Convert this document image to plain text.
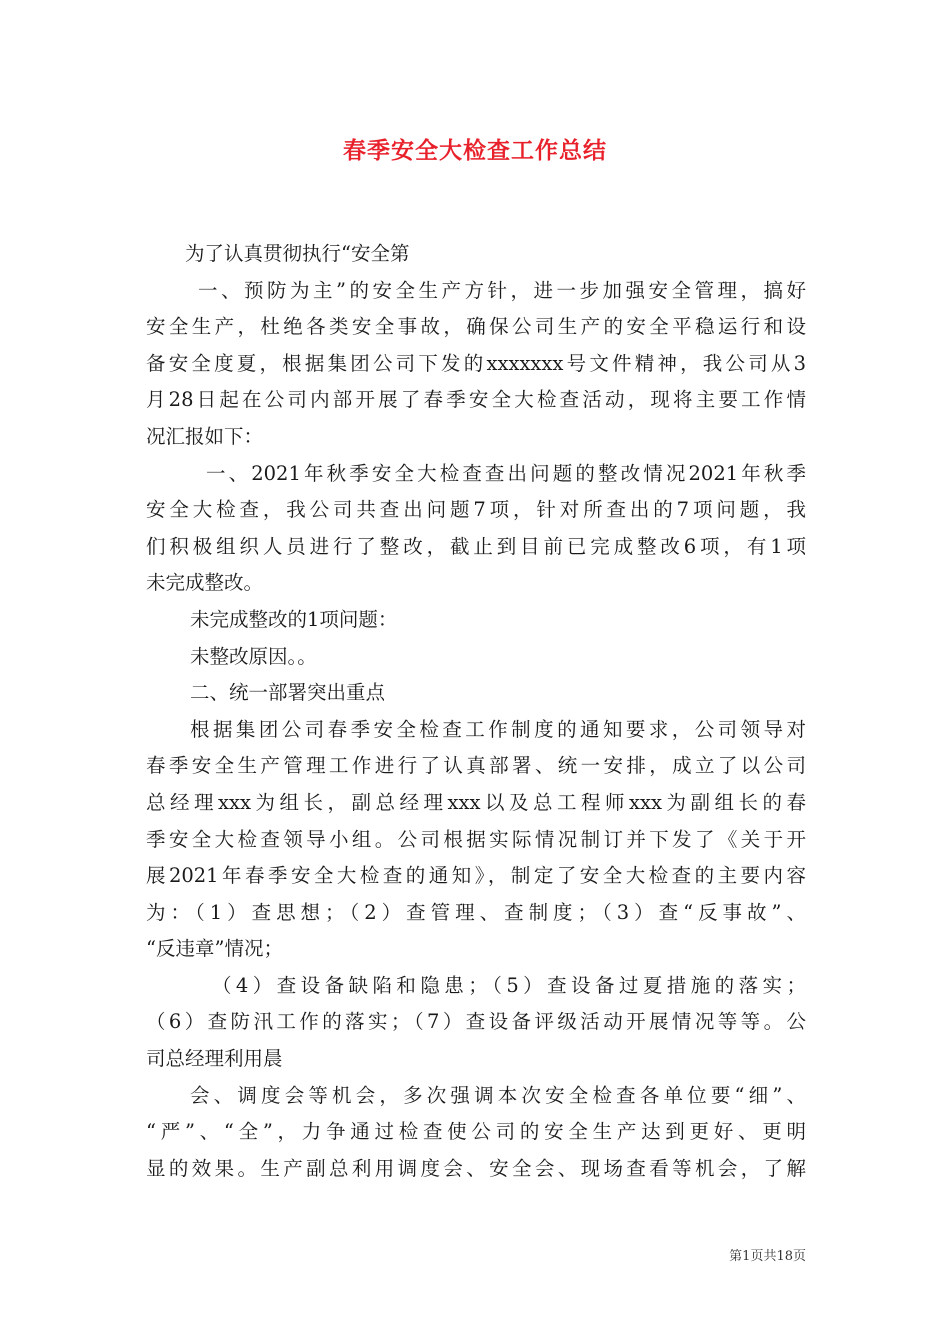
春季安全大检查工作总结
为了认真贯彻执行“安全第
一、预防为主”的安全生产方针，进一步加强安全管理，搞好
安全生产，杜绝各类安全事故，确保公司生产的安全平稳运行和设
备安全度夏，根据集团公司下发的xxxxxxx号文件精神，我公司从3
月28日起在公司内部开展了春季安全大检查活动，现将主要工作情
况汇报如下：
一、2021年秋季安全大检查查出问题的整改情况2021年秋季
安全大检查，我公司共查出问题7项，针对所查出的7项问题，我
们积极组织人员进行了整改，截止到目前已完成整改6项，有1项
未完成整改。
未完成整改的1项问题：
未整改原因。。
二、统一部署突出重点
根据集团公司春季安全检查工作制度的通知要求，公司领导对
春季安全生产管理工作进行了认真部署、统一安排，成立了以公司
总经理xxx为组长，副总经理xxx以及总工程师xxx为副组长的春
季安全大检查领导小组。公司根据实际情况制订并下发了《关于开
展2021年春季安全大检查的通知》，制定了安全大检查的主要内容
为：（1）查思想；（2）查管理、查制度；（3）查“反事故”、
“反违章”情况；
（4）查设备缺陷和隐患；（5）查设备过夏措施的落实；
（6）查防汛工作的落实；（7）查设备评级活动开展情况等等。公
司总经理利用晨
会、调度会等机会，多次强调本次安全检查各单位要“细”、
“严”、“全”，力争通过检查使公司的安全生产达到更好、更明
显的效果。生产副总利用调度会、安全会、现场查看等机会，了解
第1页共18页
